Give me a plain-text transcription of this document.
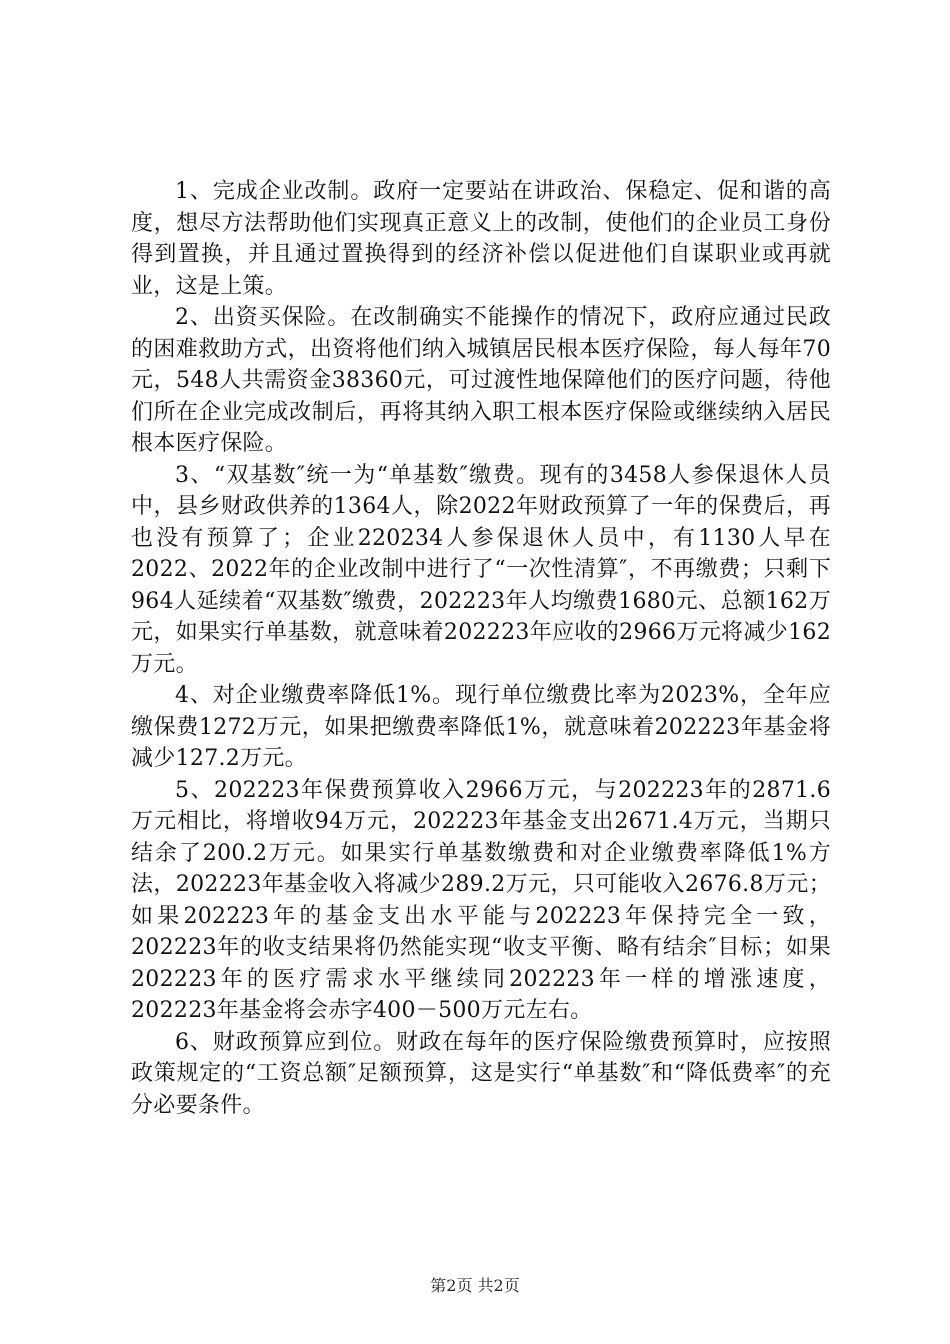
1、完成企业改制。政府一定要站在讲政治、保稳定、促和谐的高度，想尽方法帮助他们实现真正意义上的改制，使他们的企业员工身份得到置换，并且通过置换得到的经济补偿以促进他们自谋职业或再就业，这是上策。

2、出资买保险。在改制确实不能操作的情况下，政府应通过民政的困难救助方式，出资将他们纳入城镇居民根本医疗保险，每人每年70元，548人共需资金38360元，可过渡性地保障他们的医疗问题，待他们所在企业完成改制后，再将其纳入职工根本医疗保险或继续纳入居民根本医疗保险。

3、“双基数″统一为“单基数″缴费。现有的3458人参保退休人员中，县乡财政供养的1364人，除2022年财政预算了一年的保费后，再也没有预算了；企业220234人参保退休人员中，有1130人早在2022、2022年的企业改制中进行了“一次性清算″，不再缴费；只剩下964人延续着“双基数″缴费，202223年人均缴费1680元、总额162万元，如果实行单基数，就意味着202223年应收的2966万元将减少162万元。

4、对企业缴费率降低1%。现行单位缴费比率为2023%，全年应缴保费1272万元，如果把缴费率降低1%，就意味着202223年基金将减少127.2万元。

5、202223年保费预算收入2966万元，与202223年的2871.6万元相比，将增收94万元，202223年基金支出2671.4万元，当期只结余了200.2万元。如果实行单基数缴费和对企业缴费率降低1%方法，202223年基金收入将减少289.2万元，只可能收入2676.8万元；如果202223年的基金支出水平能与202223年保持完全一致，202223年的收支结果将仍然能实现“收支平衡、略有结余″目标；如果202223年的医疗需求水平继续同202223年一样的增涨速度，202223年基金将会赤字400－500万元左右。

6、财政预算应到位。财政在每年的医疗保险缴费预算时，应按照政策规定的“工资总额″足额预算，这是实行“单基数″和“降低费率″的充分必要条件。

第2页 共2页
